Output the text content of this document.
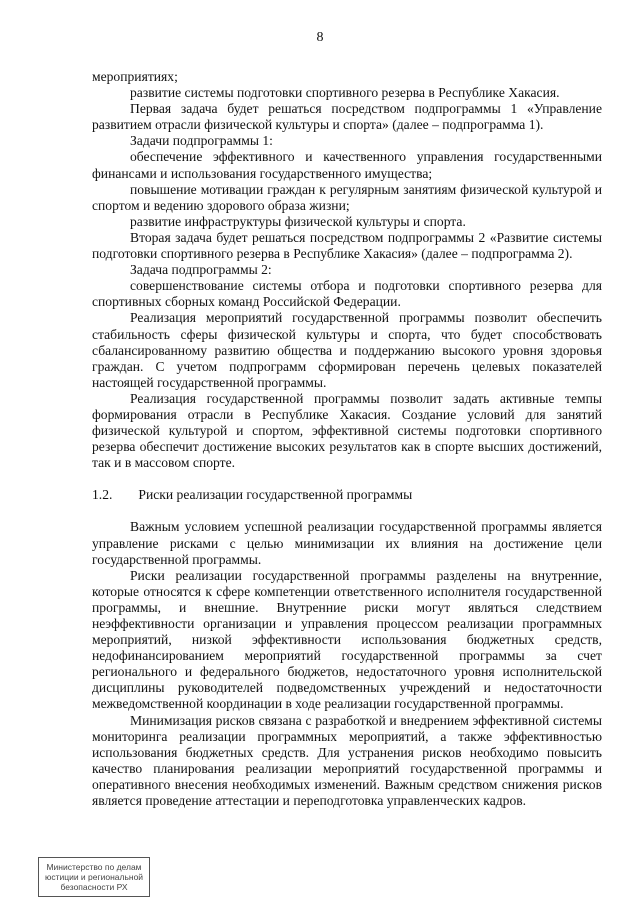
8

мероприятиях;

развитие системы подготовки спортивного резерва в Республике Хакасия.

Первая задача будет решаться посредством подпрограммы 1 «Управление развитием отрасли физической культуры и спорта» (далее – подпрограмма 1).

Задачи подпрограммы 1:

обеспечение эффективного и качественного управления государственными финансами и использования государственного имущества;

повышение мотивации граждан к регулярным занятиям физической культурой и спортом и ведению здорового образа жизни;

развитие инфраструктуры физической культуры и спорта.

Вторая задача будет решаться посредством подпрограммы 2 «Развитие системы подготовки спортивного резерва в Республике Хакасия» (далее – подпрограмма 2).

Задача подпрограммы 2:

совершенствование системы отбора и подготовки спортивного резерва для спортивных сборных команд Российской Федерации.

Реализация мероприятий государственной программы позволит обеспечить стабильность сферы физической культуры и спорта, что будет способствовать сбалансированному развитию общества и поддержанию высокого уровня здоровья граждан. С учетом подпрограмм сформирован перечень целевых показателей настоящей государственной программы.

Реализация государственной программы позволит задать активные темпы формирования отрасли в Республике Хакасия. Создание условий для занятий физической культурой и спортом, эффективной системы подготовки спортивного резерва обеспечит достижение высоких результатов как в спорте высших достижений, так и в массовом спорте.

1.2. Риски реализации государственной программы

Важным условием успешной реализации государственной программы является управление рисками с целью минимизации их влияния на достижение цели государственной программы.

Риски реализации государственной программы разделены на внутренние, которые относятся к сфере компетенции ответственного исполнителя государственной программы, и внешние. Внутренние риски могут являться следствием неэффективности организации и управления процессом реализации программных мероприятий, низкой эффективности использования бюджетных средств, недофинансированием мероприятий государственной программы за счет регионального и федерального бюджетов, недостаточного уровня исполнительской дисциплины руководителей подведомственных учреждений и недостаточности межведомственной координации в ходе реализации государственной программы.

Минимизация рисков связана с разработкой и внедрением эффективной системы мониторинга реализации программных мероприятий, а также эффективностью использования бюджетных средств. Для устранения рисков необходимо повысить качество планирования реализации мероприятий государственной программы и оперативного внесения необходимых изменений. Важным средством снижения рисков является проведение аттестации и переподготовка управленческих кадров.

Министерство по делам
юстиции и региональной
безопасности РХ
